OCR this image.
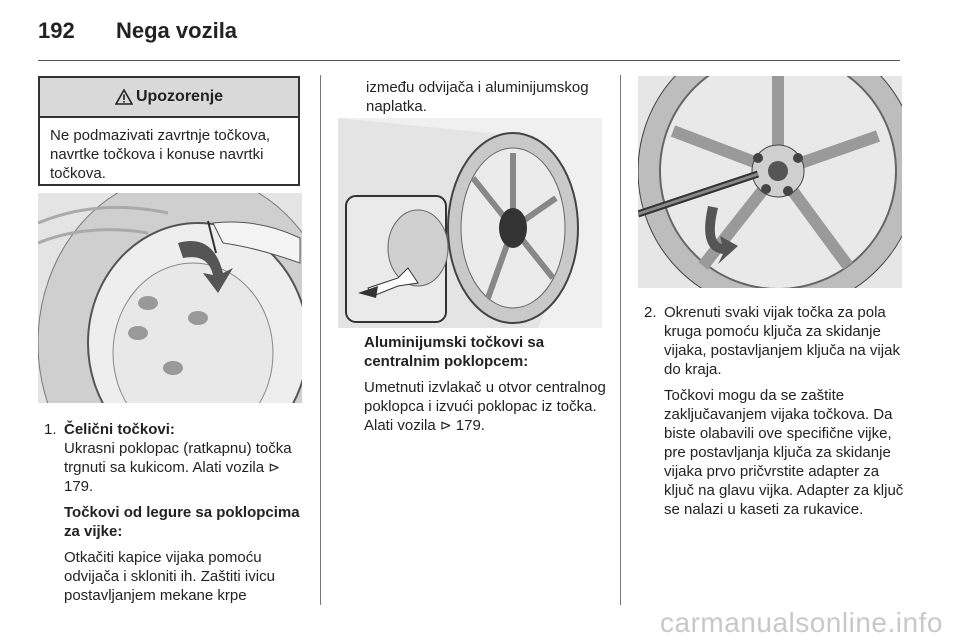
192 Nega vozila
Upozorenje
Ne podmazivati zavrtnje točkova, navrtke točkova i konuse navrtki točkova.
1. Čelični točkovi:

Ukrasni poklopac (ratkapnu) točka trgnuti sa kukicom. Alati vozila ⊳ 179.

Točkovi od legure sa poklopcima za vijke:

Otkačiti kapice vijaka pomoću odvijača i skloniti ih. Zaštiti ivicu postavljanjem mekane krpe

između odvijača i aluminijumskog naplatka.

Aluminijumski točkovi sa centralnim poklopcem:

Umetnuti izvlakač u otvor centralnog poklopca i izvući poklopac iz točka. Alati vozila ⊳ 179.

2. Okrenuti svaki vijak točka za pola kruga pomoću ključa za skidanje vijaka, postavljanjem ključa na vijak do kraja.

Točkovi mogu da se zaštite zaključavanjem vijaka točkova. Da biste olabavili ove specifične vijke, pre postavljanja ključa za skidanje vijaka prvo pričvrstite adapter za ključ na glavu vijka. Adapter za ključ se nalazi u kaseti za rukavice.

carmanualsonline.info
